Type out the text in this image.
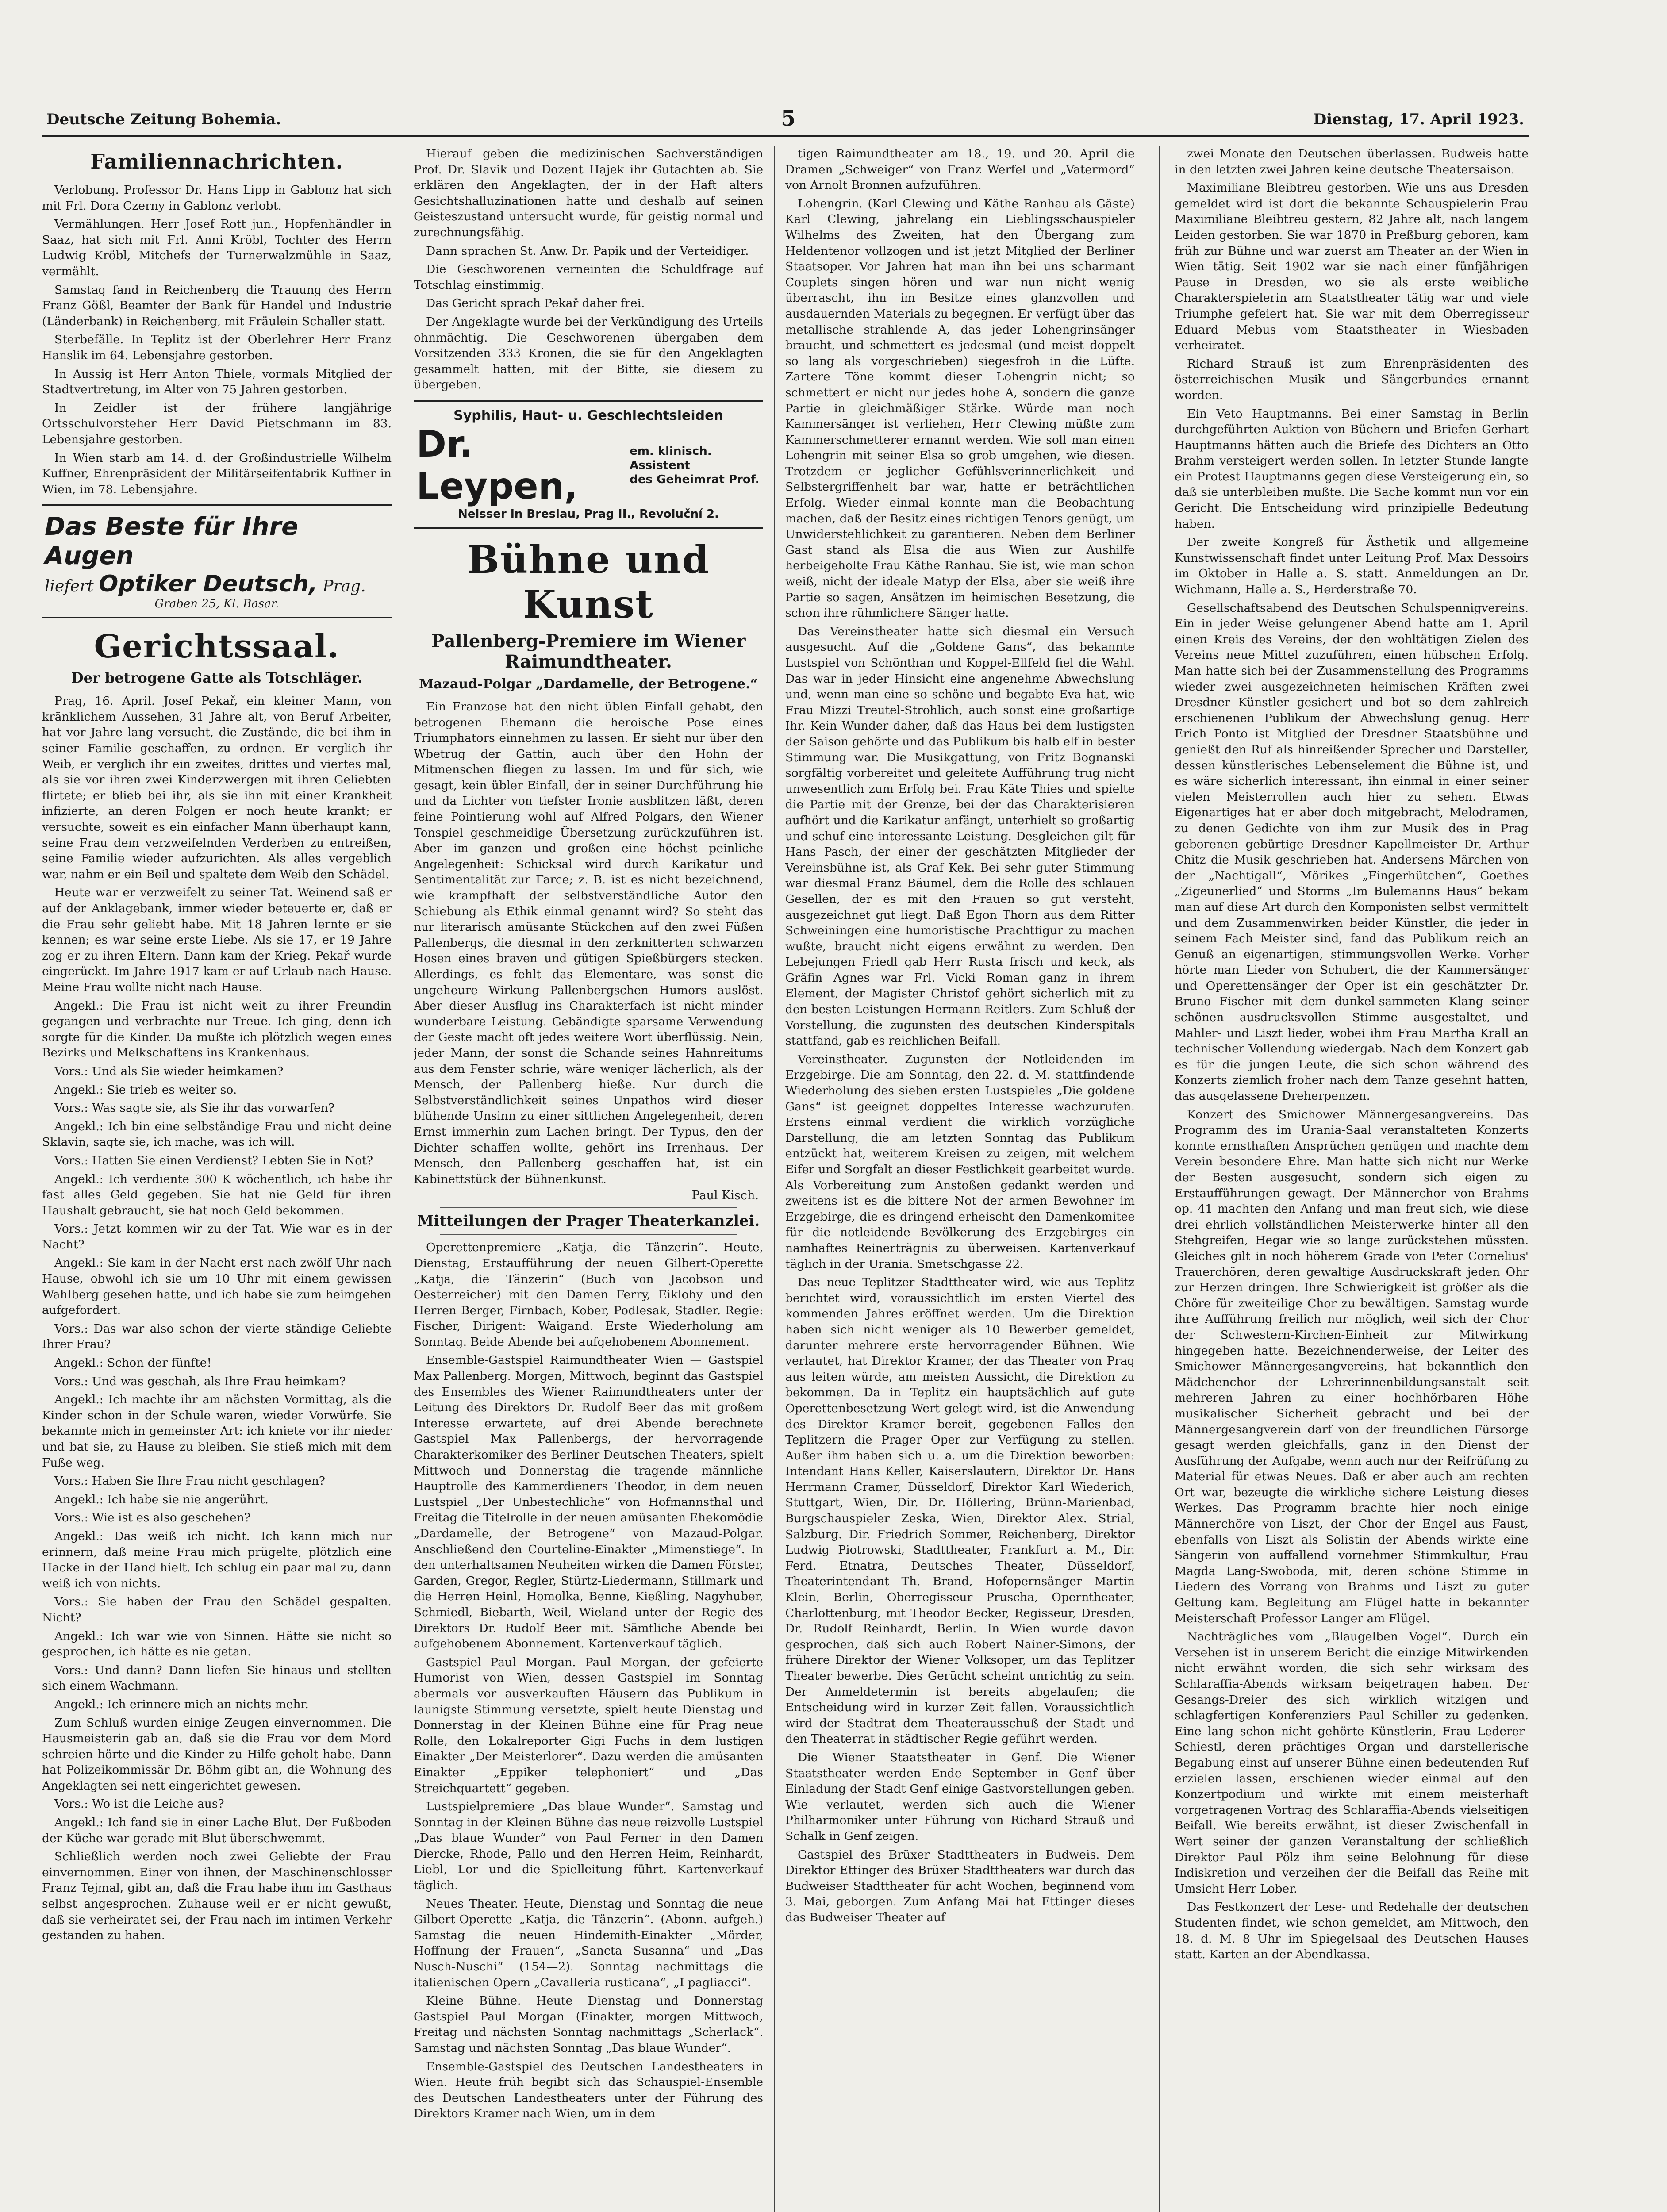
Deutsche Zeitung Bohemia.	5	Dienstag, 17. April 1923.
Familiennachrichten.

Verlobung. Professor Dr. Hans Lipp in Gablonz hat sich mit Frl. Dora Czerny in Gablonz verlobt.

Vermählungen. Herr Josef Rott jun., Hopfenhändler in Saaz, hat sich mit Frl. Anni Kröbl, Tochter des Herrn Ludwig Kröbl, Mitchefs der Turnerwalzmühle in Saaz, vermählt.

Samstag fand in Reichenberg die Trauung des Herrn Franz Gößl, Beamter der Bank für Handel und Industrie (Länderbank) in Reichenberg, mit Fräulein Schaller statt.

Sterbefälle. In Teplitz ist der Oberlehrer Herr Franz Hanslik im 64. Lebensjahre gestorben.

In Aussig ist Herr Anton Thiele, vormals Mitglied der Stadtvertretung, im Alter von 75 Jahren gestorben.

In Zeidler ist der frühere langjährige Ortsschulvorsteher Herr David Pietschmann im 83. Lebensjahre gestorben.

In Wien starb am 14. d. der Großindustrielle Wilhelm Kuffner, Ehrenpräsident der Militärseifenfabrik Kuffner in Wien, im 78. Lebensjahre.

Das Beste für Ihre Augen
liefert Optiker Deutsch, Prag.
Graben 25, Kl. Basar.
Gerichtssaal.
Der betrogene Gatte als Totschläger.

Prag, 16. April. Josef Pekař, ein kleiner Mann, von kränklichem Aussehen, 31 Jahre alt, von Beruf Arbeiter, hat vor Jahre lang versucht, die Zustände, die bei ihm in seiner Familie geschaffen, zu ordnen. Er verglich ihr Weib, er verglich ihr ein zweites, drittes und viertes mal, als sie vor ihren zwei Kinderzwergen mit ihren Geliebten flirtete; er blieb bei ihr, als sie ihn mit einer Krankheit infizierte, an deren Folgen er noch heute krankt; er versuchte, soweit es ein einfacher Mann überhaupt kann, seine Frau dem verzweifelnden Verderben zu entreißen, seine Familie wieder aufzurichten. Als alles vergeblich war, nahm er ein Beil und spaltete dem Weib den Schädel.

Heute war er verzweifelt zu seiner Tat. Weinend saß er auf der Anklagebank, immer wieder beteuerte er, daß er die Frau sehr geliebt habe. Mit 18 Jahren lernte er sie kennen; es war seine erste Liebe. Als sie 17, er 19 Jahre zog er zu ihren Eltern. Dann kam der Krieg. Pekař wurde eingerückt. Im Jahre 1917 kam er auf Urlaub nach Hause. Meine Frau wollte nicht nach Hause.

Angekl.: Die Frau ist nicht weit zu ihrer Freundin gegangen und verbrachte nur Treue. Ich ging, denn ich sorgte für die Kinder. Da mußte ich plötzlich wegen eines Bezirks und Melkschaftens ins Krankenhaus.

Vors.: Und als Sie wieder heimkamen?

Angekl.: Sie trieb es weiter so.

Vors.: Was sagte sie, als Sie ihr das vorwarfen?

Angekl.: Ich bin eine selbständige Frau und nicht deine Sklavin, sagte sie, ich mache, was ich will.

Vors.: Hatten Sie einen Verdienst? Lebten Sie in Not?

Angekl.: Ich verdiente 300 K wöchentlich, ich habe ihr fast alles Geld gegeben. Sie hat nie Geld für ihren Haushalt gebraucht, sie hat noch Geld bekommen.

Vors.: Jetzt kommen wir zu der Tat. Wie war es in der Nacht?

Angekl.: Sie kam in der Nacht erst nach zwölf Uhr nach Hause, obwohl ich sie um 10 Uhr mit einem gewissen Wahlberg gesehen hatte, und ich habe sie zum heimgehen aufgefordert.

Vors.: Das war also schon der vierte ständige Geliebte Ihrer Frau?

Angekl.: Schon der fünfte!

Vors.: Und was geschah, als Ihre Frau heimkam?

Angekl.: Ich machte ihr am nächsten Vormittag, als die Kinder schon in der Schule waren, wieder Vorwürfe. Sie bekannte mich in gemeinster Art: ich kniete vor ihr nieder und bat sie, zu Hause zu bleiben. Sie stieß mich mit dem Fuße weg.

Vors.: Haben Sie Ihre Frau nicht geschlagen?

Angekl.: Ich habe sie nie angerührt.

Vors.: Wie ist es also geschehen?

Angekl.: Das weiß ich nicht. Ich kann mich nur erinnern, daß meine Frau mich prügelte, plötzlich eine Hacke in der Hand hielt. Ich schlug ein paar mal zu, dann weiß ich von nichts.

Vors.: Sie haben der Frau den Schädel gespalten. Nicht?

Angekl.: Ich war wie von Sinnen. Hätte sie nicht so gesprochen, ich hätte es nie getan.

Vors.: Und dann? Dann liefen Sie hinaus und stellten sich einem Wachmann.

Angekl.: Ich erinnere mich an nichts mehr.

Zum Schluß wurden einige Zeugen einvernommen. Die Hausmeisterin gab an, daß sie die Frau vor dem Mord schreien hörte und die Kinder zu Hilfe geholt habe. Dann hat Polizeikommissär Dr. Böhm gibt an, die Wohnung des Angeklagten sei nett eingerichtet gewesen.

Vors.: Wo ist die Leiche aus?

Angekl.: Ich fand sie in einer Lache Blut. Der Fußboden der Küche war gerade mit Blut überschwemmt.

Schließlich werden noch zwei Geliebte der Frau einvernommen. Einer von ihnen, der Maschinenschlosser Franz Tejmal, gibt an, daß die Frau habe ihm im Gasthaus selbst angesprochen. Zuhause weil er er nicht gewußt, daß sie verheiratet sei, der Frau nach im intimen Verkehr gestanden zu haben.

Hierauf geben die medizinischen Sachverständigen Prof. Dr. Slavik und Dozent Hajek ihr Gutachten ab. Sie erklären den Angeklagten, der in der Haft alters Gesichtshalluzinationen hatte und deshalb auf seinen Geisteszustand untersucht wurde, für geistig normal und zurechnungsfähig.

Dann sprachen St. Anw. Dr. Papik und der Verteidiger.

Die Geschworenen verneinten die Schuldfrage auf Totschlag einstimmig.

Das Gericht sprach Pekař daher frei.

Der Angeklagte wurde bei der Verkündigung des Urteils ohnmächtig. Die Geschworenen übergaben dem Vorsitzenden 333 Kronen, die sie für den Angeklagten gesammelt hatten, mit der Bitte, sie diesem zu übergeben.

Syphilis, Haut- u. Geschlechtsleiden
Dr. Leypen,
em. klinisch. Assistent
des Geheimrat Prof.
Neisser in Breslau, Prag II., Revoluční 2.
Bühne und Kunst
Pallenberg-Premiere im Wiener Raimundtheater.
Mazaud-Polgar „Dardamelle, der Betrogene.“

Ein Franzose hat den nicht üblen Einfall gehabt, den betrogenen Ehemann die heroische Pose eines Triumphators einnehmen zu lassen. Er sieht nur über den Wbetrug der Gattin, auch über den Hohn der Mitmenschen fliegen zu lassen. Im und für sich, wie gesagt, kein übler Einfall, der in seiner Durchführung hie und da Lichter von tiefster Ironie ausblitzen läßt, deren feine Pointierung wohl auf Alfred Polgars, den Wiener Tonspiel geschmeidige Übersetzung zurückzuführen ist. Aber im ganzen und großen eine höchst peinliche Angelegenheit: Schicksal wird durch Karikatur und Sentimentalität zur Farce; z. B. ist es nicht bezeichnend, wie krampfhaft der selbstverständliche Autor den Schiebung als Ethik einmal genannt wird? So steht das nur literarisch amüsante Stückchen auf den zwei Füßen Pallenbergs, die diesmal in den zerknitterten schwarzen Hosen eines braven und gütigen Spießbürgers stecken. Allerdings, es fehlt das Elementare, was sonst die ungeheure Wirkung Pallenbergschen Humors auslöst. Aber dieser Ausflug ins Charakterfach ist nicht minder wunderbare Leistung. Gebändigte sparsame Verwendung der Geste macht oft jedes weitere Wort überflüssig. Nein, jeder Mann, der sonst die Schande seines Hahnreitums aus dem Fenster schrie, wäre weniger lächerlich, als der Mensch, der Pallenberg hieße. Nur durch die Selbstverständlichkeit seines Unpathos wird dieser blühende Unsinn zu einer sittlichen Angelegenheit, deren Ernst immerhin zum Lachen bringt. Der Typus, den der Dichter schaffen wollte, gehört ins Irrenhaus. Der Mensch, den Pallenberg geschaffen hat, ist ein Kabinettstück der Bühnenkunst.

Paul Kisch.
Mitteilungen der Prager Theaterkanzlei.

Operettenpremiere „Katja, die Tänzerin“. Heute, Dienstag, Erstaufführung der neuen Gilbert-Operette „Katja, die Tänzerin“ (Buch von Jacobson und Oesterreicher) mit den Damen Ferry, Eiklohy und den Herren Berger, Firnbach, Kober, Podlesak, Stadler. Regie: Fischer, Dirigent: Waigand. Erste Wiederholung am Sonntag. Beide Abende bei aufgehobenem Abonnement.

Ensemble-Gastspiel Raimundtheater Wien — Gastspiel Max Pallenberg. Morgen, Mittwoch, beginnt das Gastspiel des Ensembles des Wiener Raimundtheaters unter der Leitung des Direktors Dr. Rudolf Beer das mit großem Interesse erwartete, auf drei Abende berechnete Gastspiel Max Pallenbergs, der hervorragende Charakterkomiker des Berliner Deutschen Theaters, spielt Mittwoch und Donnerstag die tragende männliche Hauptrolle des Kammerdieners Theodor, in dem neuen Lustspiel „Der Unbestechliche“ von Hofmannsthal und Freitag die Titelrolle in der neuen amüsanten Ehekomödie „Dardamelle, der Betrogene“ von Mazaud-Polgar. Anschließend den Courteline-Einakter „Mimenstiege“. In den unterhaltsamen Neuheiten wirken die Damen Förster, Garden, Gregor, Regler, Stürtz-Liedermann, Stillmark und die Herren Heinl, Homolka, Benne, Kießling, Nagyhuber, Schmiedl, Biebarth, Weil, Wieland unter der Regie des Direktors Dr. Rudolf Beer mit. Sämtliche Abende bei aufgehobenem Abonnement. Kartenverkauf täglich.

Gastspiel Paul Morgan. Paul Morgan, der gefeierte Humorist von Wien, dessen Gastspiel im Sonntag abermals vor ausverkauften Häusern das Publikum in launigste Stimmung versetzte, spielt heute Dienstag und Donnerstag in der Kleinen Bühne eine für Prag neue Rolle, den Lokalreporter Gigi Fuchs in dem lustigen Einakter „Der Meisterlorer“. Dazu werden die amüsanten Einakter „Eppiker telephoniert“ und „Das Streichquartett“ gegeben.

Lustspielpremiere „Das blaue Wunder“. Samstag und Sonntag in der Kleinen Bühne das neue reizvolle Lustspiel „Das blaue Wunder“ von Paul Ferner in den Damen Diercke, Rhode, Pallo und den Herren Heim, Reinhardt, Liebl, Lor und die Spielleitung führt. Kartenverkauf täglich.

Neues Theater. Heute, Dienstag und Sonntag die neue Gilbert-Operette „Katja, die Tänzerin“. (Abonn. aufgeh.) Samstag die neuen Hindemith-Einakter „Mörder, Hoffnung der Frauen“, „Sancta Susanna“ und „Das Nusch-Nuschi“ (154—2). Sonntag nachmittags die italienischen Opern „Cavalleria rusticana“, „I pagliacci“.

Kleine Bühne. Heute Dienstag und Donnerstag Gastspiel Paul Morgan (Einakter, morgen Mittwoch, Freitag und nächsten Sonntag nachmittags „Scherlack“. Samstag und nächsten Sonntag „Das blaue Wunder“.

Ensemble-Gastspiel des Deutschen Landestheaters in Wien. Heute früh begibt sich das Schauspiel-Ensemble des Deutschen Landestheaters unter der Führung des Direktors Kramer nach Wien, um in dem

tigen Raimundtheater am 18., 19. und 20. April die Dramen „Schweiger“ von Franz Werfel und „Vatermord“ von Arnolt Bronnen aufzuführen.

Lohengrin. (Karl Clewing und Käthe Ranhau als Gäste) Karl Clewing, jahrelang ein Lieblingsschauspieler Wilhelms des Zweiten, hat den Übergang zum Heldentenor vollzogen und ist jetzt Mitglied der Berliner Staatsoper. Vor Jahren hat man ihn bei uns scharmant Couplets singen hören und war nun nicht wenig überrascht, ihn im Besitze eines glanzvollen und ausdauernden Materials zu begegnen. Er verfügt über das metallische strahlende A, das jeder Lohengrinsänger braucht, und schmettert es jedesmal (und meist doppelt so lang als vorgeschrieben) siegesfroh in die Lüfte. Zartere Töne kommt dieser Lohengrin nicht; so schmettert er nicht nur jedes hohe A, sondern die ganze Partie in gleichmäßiger Stärke. Würde man noch Kammersänger ist verliehen, Herr Clewing müßte zum Kammerschmetterer ernannt werden. Wie soll man einen Lohengrin mit seiner Elsa so grob umgehen, wie diesen. Trotzdem er jeglicher Gefühlsverinnerlichkeit und Selbstergriffenheit bar war, hatte er beträchtlichen Erfolg. Wieder einmal konnte man die Beobachtung machen, daß der Besitz eines richtigen Tenors genügt, um Unwiderstehlichkeit zu garantieren. Neben dem Berliner Gast stand als Elsa die aus Wien zur Aushilfe herbeigeholte Frau Käthe Ranhau. Sie ist, wie man schon weiß, nicht der ideale Matyp der Elsa, aber sie weiß ihre Partie so sagen, Ansätzen im heimischen Besetzung, die schon ihre rühmlichere Sänger hatte.

Das Vereinstheater hatte sich diesmal ein Versuch ausgesucht. Auf die „Goldene Gans“, das bekannte Lustspiel von Schönthan und Koppel-Ellfeld fiel die Wahl. Das war in jeder Hinsicht eine angenehme Abwechslung und, wenn man eine so schöne und begabte Eva hat, wie Frau Mizzi Treutel-Strohlich, auch sonst eine großartige Ihr. Kein Wunder daher, daß das Haus bei dem lustigsten der Saison gehörte und das Publikum bis halb elf in bester Stimmung war. Die Musikgattung, von Fritz Bognanski sorgfältig vorbereitet und geleitete Aufführung trug nicht unwesentlich zum Erfolg bei. Frau Käte Thies und spielte die Partie mit der Grenze, bei der das Charakterisieren aufhört und die Karikatur anfängt, unterhielt so großartig und schuf eine interessante Leistung. Desgleichen gilt für Hans Pasch, der einer der geschätzten Mitglieder der Vereinsbühne ist, als Graf Kek. Bei sehr guter Stimmung war diesmal Franz Bäumel, dem die Rolle des schlauen Gesellen, der es mit den Frauen so gut versteht, ausgezeichnet gut liegt. Daß Egon Thorn aus dem Ritter Schweiningen eine humoristische Prachtfigur zu machen wußte, braucht nicht eigens erwähnt zu werden. Den Lebejungen Friedl gab Herr Rusta frisch und keck, als Gräfin Agnes war Frl. Vicki Roman ganz in ihrem Element, der Magister Christof gehört sicherlich mit zu den besten Leistungen Hermann Reitlers. Zum Schluß der Vorstellung, die zugunsten des deutschen Kinderspitals stattfand, gab es reichlichen Beifall.

Vereinstheater. Zugunsten der Notleidenden im Erzgebirge. Die am Sonntag, den 22. d. M. stattfindende Wiederholung des sieben ersten Lustspieles „Die goldene Gans“ ist geeignet doppeltes Interesse wachzurufen. Erstens einmal verdient die wirklich vorzügliche Darstellung, die am letzten Sonntag das Publikum entzückt hat, weiterem Kreisen zu zeigen, mit welchem Eifer und Sorgfalt an dieser Festlichkeit gearbeitet wurde. Als Vorbereitung zum Anstoßen gedankt werden und zweitens ist es die bittere Not der armen Bewohner im Erzgebirge, die es dringend erheischt den Damenkomitee für die notleidende Bevölkerung des Erzgebirges ein namhaftes Reinerträgnis zu überweisen. Kartenverkauf täglich in der Urania. Smetschgasse 22.

Das neue Teplitzer Stadttheater wird, wie aus Teplitz berichtet wird, voraussichtlich im ersten Viertel des kommenden Jahres eröffnet werden. Um die Direktion haben sich nicht weniger als 10 Bewerber gemeldet, darunter mehrere erste hervorragender Bühnen. Wie verlautet, hat Direktor Kramer, der das Theater von Prag aus leiten würde, am meisten Aussicht, die Direktion zu bekommen. Da in Teplitz ein hauptsächlich auf gute Operettenbesetzung Wert gelegt wird, ist die Anwendung des Direktor Kramer bereit, gegebenen Falles den Teplitzern die Prager Oper zur Verfügung zu stellen. Außer ihm haben sich u. a. um die Direktion beworben: Intendant Hans Keller, Kaiserslautern, Direktor Dr. Hans Herrmann Cramer, Düsseldorf, Direktor Karl Wiederich, Stuttgart, Wien, Dir. Dr. Höllering, Brünn-Marienbad, Burgschauspieler Zeska, Wien, Direktor Alex. Strial, Salzburg. Dir. Friedrich Sommer, Reichenberg, Direktor Ludwig Piotrowski, Stadttheater, Frankfurt a. M., Dir. Ferd. Etnatra, Deutsches Theater, Düsseldorf, Theaterintendant Th. Brand, Hofopernsänger Martin Klein, Berlin, Oberregisseur Pruscha, Operntheater, Charlottenburg, mit Theodor Becker, Regisseur, Dresden, Dr. Rudolf Reinhardt, Berlin. In Wien wurde davon gesprochen, daß sich auch Robert Nainer-Simons, der frühere Direktor der Wiener Volksoper, um das Teplitzer Theater bewerbe. Dies Gerücht scheint unrichtig zu sein. Der Anmeldetermin ist bereits abgelaufen; die Entscheidung wird in kurzer Zeit fallen. Voraussichtlich wird der Stadtrat dem Theaterausschuß der Stadt und den Theaterrat in städtischer Regie geführt werden.

Die Wiener Staatstheater in Genf. Die Wiener Staatstheater werden Ende September in Genf über Einladung der Stadt Genf einige Gastvorstellungen geben. Wie verlautet, werden sich auch die Wiener Philharmoniker unter Führung von Richard Strauß und Schalk in Genf zeigen.

Gastspiel des Brüxer Stadttheaters in Budweis. Dem Direktor Ettinger des Brüxer Stadttheaters war durch das Budweiser Stadttheater für acht Wochen, beginnend vom 3. Mai, geborgen. Zum Anfang Mai hat Ettinger dieses das Budweiser Theater auf

zwei Monate den Deutschen überlassen. Budweis hatte in den letzten zwei Jahren keine deutsche Theatersaison.

Maximiliane Bleibtreu gestorben. Wie uns aus Dresden gemeldet wird ist dort die bekannte Schauspielerin Frau Maximiliane Bleibtreu gestern, 82 Jahre alt, nach langem Leiden gestorben. Sie war 1870 in Preßburg geboren, kam früh zur Bühne und war zuerst am Theater an der Wien in Wien tätig. Seit 1902 war sie nach einer fünfjährigen Pause in Dresden, wo sie als erste weibliche Charakterspielerin am Staatstheater tätig war und viele Triumphe gefeiert hat. Sie war mit dem Oberregisseur Eduard Mebus vom Staatstheater in Wiesbaden verheiratet.

Richard Strauß ist zum Ehrenpräsidenten des österreichischen Musik- und Sängerbundes ernannt worden.

Ein Veto Hauptmanns. Bei einer Samstag in Berlin durchgeführten Auktion von Büchern und Briefen Gerhart Hauptmanns hätten auch die Briefe des Dichters an Otto Brahm versteigert werden sollen. In letzter Stunde langte ein Protest Hauptmanns gegen diese Versteigerung ein, so daß sie unterbleiben mußte. Die Sache kommt nun vor ein Gericht. Die Entscheidung wird prinzipielle Bedeutung haben.

Der zweite Kongreß für Ästhetik und allgemeine Kunstwissenschaft findet unter Leitung Prof. Max Dessoirs im Oktober in Halle a. S. statt. Anmeldungen an Dr. Wichmann, Halle a. S., Herderstraße 70.

Gesellschaftsabend des Deutschen Schulspennigvereins. Ein in jeder Weise gelungener Abend hatte am 1. April einen Kreis des Vereins, der den wohltätigen Zielen des Vereins neue Mittel zuzuführen, einen hübschen Erfolg. Man hatte sich bei der Zusammenstellung des Programms wieder zwei ausgezeichneten heimischen Kräften zwei Dresdner Künstler gesichert und bot so dem zahlreich erschienenen Publikum der Abwechslung genug. Herr Erich Ponto ist Mitglied der Dresdner Staatsbühne und genießt den Ruf als hinreißender Sprecher und Darsteller, dessen künstlerisches Lebenselement die Bühne ist, und es wäre sicherlich interessant, ihn einmal in einer seiner vielen Meisterrollen auch hier zu sehen. Etwas Eigenartiges hat er aber doch mitgebracht, Melodramen, zu denen Gedichte von ihm zur Musik des in Prag geborenen gebürtige Dresdner Kapellmeister Dr. Arthur Chitz die Musik geschrieben hat. Andersens Märchen von der „Nachtigall“, Mörikes „Fingerhütchen“, Goethes „Zigeunerlied“ und Storms „Im Bulemanns Haus“ bekam man auf diese Art durch den Komponisten selbst vermittelt und dem Zusammenwirken beider Künstler, die jeder in seinem Fach Meister sind, fand das Publikum reich an Genuß an eigenartigen, stimmungsvollen Werke. Vorher hörte man Lieder von Schubert, die der Kammersänger und Operettensänger der Oper ist ein geschätzter Dr. Bruno Fischer mit dem dunkel-sammeten Klang seiner schönen ausdrucksvollen Stimme ausgestaltet, und Mahler- und Liszt lieder, wobei ihm Frau Martha Krall an technischer Vollendung wiedergab. Nach dem Konzert gab es für die jungen Leute, die sich schon während des Konzerts ziemlich froher nach dem Tanze gesehnt hatten, das ausgelassene Dreherpenzen.

Konzert des Smichower Männergesangvereins. Das Programm des im Urania-Saal veranstalteten Konzerts konnte ernsthaften Ansprüchen genügen und machte dem Verein besondere Ehre. Man hatte sich nicht nur Werke der Besten ausgesucht, sondern sich eigen zu Erstaufführungen gewagt. Der Männerchor von Brahms op. 41 machten den Anfang und man freut sich, wie diese drei ehrlich vollständlichen Meisterwerke hinter all den Stehgreifen, Hegar wie so lange zurückstehen müssten. Gleiches gilt in noch höherem Grade von Peter Cornelius' Trauerchören, deren gewaltige Ausdruckskraft jeden Ohr zur Herzen dringen. Ihre Schwierigkeit ist größer als die Chöre für zweiteilige Chor zu bewältigen. Samstag wurde ihre Aufführung freilich nur möglich, weil sich der Chor der Schwestern-Kirchen-Einheit zur Mitwirkung hingegeben hatte. Bezeichnenderweise, der Leiter des Smichower Männergesangvereins, hat bekanntlich den Mädchenchor der Lehrerinnenbildungsanstalt seit mehreren Jahren zu einer hochhörbaren Höhe musikalischer Sicherheit gebracht und bei der Männergesangverein darf von der freundlichen Fürsorge gesagt werden gleichfalls, ganz in den Dienst der Ausführung der Aufgabe, wenn auch nur der Reifrüfung zu Material für etwas Neues. Daß er aber auch am rechten Ort war, bezeugte die wirkliche sichere Leistung dieses Werkes. Das Programm brachte hier noch einige Männerchöre von Liszt, der Chor der Engel aus Faust, ebenfalls von Liszt als Solistin der Abends wirkte eine Sängerin von auffallend vornehmer Stimmkultur, Frau Magda Lang-Swoboda, mit, deren schöne Stimme in Liedern des Vorrang von Brahms und Liszt zu guter Geltung kam. Begleitung am Flügel hatte in bekannter Meisterschaft Professor Langer am Flügel.

Nachträgliches vom „Blaugelben Vogel“. Durch ein Versehen ist in unserem Bericht die einzige Mitwirkenden nicht erwähnt worden, die sich sehr wirksam des Schlaraffia-Abends wirksam beigetragen haben. Der Gesangs-Dreier des sich wirklich witzigen und schlagfertigen Konferenziers Paul Schiller zu gedenken. Eine lang schon nicht gehörte Künstlerin, Frau Lederer-Schiestl, deren prächtiges Organ und darstellerische Begabung einst auf unserer Bühne einen bedeutenden Ruf erzielen lassen, erschienen wieder einmal auf den Konzertpodium und wirkte mit einem meisterhaft vorgetragenen Vortrag des Schlaraffia-Abends vielseitigen Beifall. Wie bereits erwähnt, ist dieser Zwischenfall in Wert seiner der ganzen Veranstaltung der schließlich Direktor Paul Pölz ihm seine Belohnung für diese Indiskretion und verzeihen der die Beifall das Reihe mit Umsicht Herr Lober.

Das Festkonzert der Lese- und Redehalle der deutschen Studenten findet, wie schon gemeldet, am Mittwoch, den 18. d. M. 8 Uhr im Spiegelsaal des Deutschen Hauses statt. Karten an der Abendkassa.
